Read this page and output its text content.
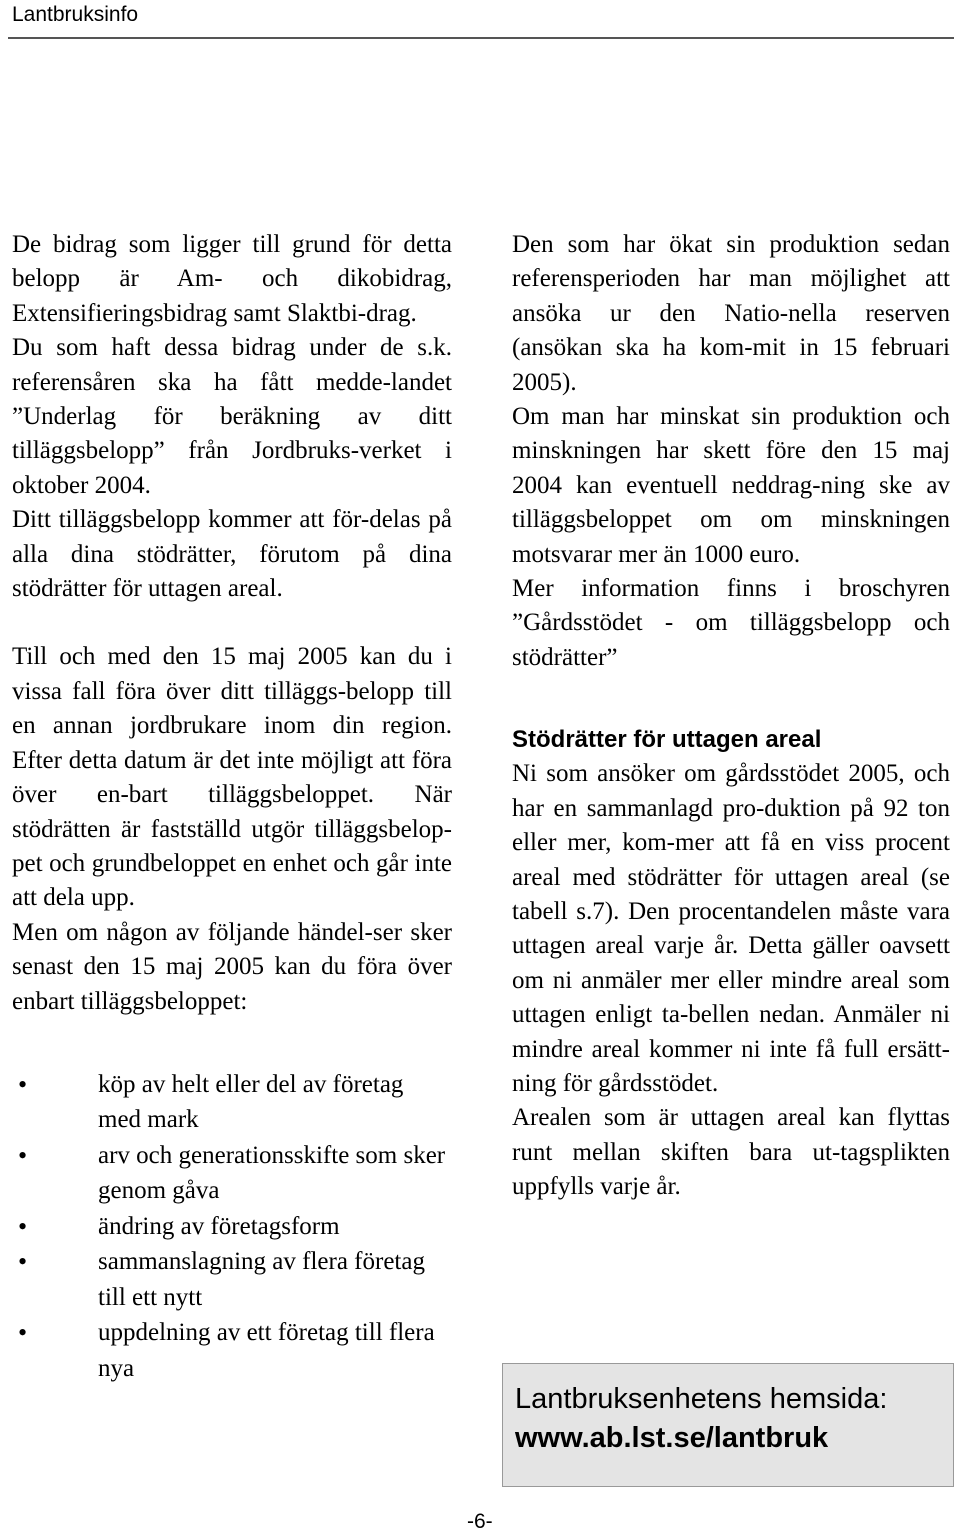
Lantbruksinfo

De bidrag som ligger till grund för detta belopp är Am- och dikobidrag, Extensifieringsbidrag samt Slaktbi-drag.

Du som haft dessa bidrag under de s.k. referensåren ska ha fått medde-landet ”Underlag för beräkning av ditt tilläggsbelopp” från Jordbruks-verket i oktober 2004.

Ditt tilläggsbelopp kommer att för-delas på alla dina stödrätter, förutom på dina stödrätter för uttagen areal.

Till och med den 15 maj 2005 kan du i vissa fall föra över ditt tilläggs-belopp till en annan jordbrukare inom din region. Efter detta datum är det inte möjligt att föra över en-bart tilläggsbeloppet. När stödrätten är fastställd utgör tilläggsbelop-pet och grundbeloppet en enhet och går inte att dela upp.

Men om någon av följande händel-ser sker senast den 15 maj 2005 kan du föra över enbart tilläggsbeloppet:

• köp av helt eller del av företag med mark
• arv och generationsskifte som sker genom gåva
• ändring av företagsform
• sammanslagning av flera företag till ett nytt
• uppdelning av ett företag till flera nya

Den som har ökat sin produktion sedan referensperioden har man möjlighet att ansöka ur den Natio-nella reserven (ansökan ska ha kom-mit in 15 februari 2005).

Om man har minskat sin produktion och minskningen har skett före den 15 maj 2004 kan eventuell neddrag-ning ske av tilläggsbeloppet om om minskningen motsvarar mer än 1000 euro.

Mer information finns i broschyren ”Gårdsstödet - om tilläggsbelopp och stödrätter”

Stödrätter för uttagen areal

Ni som ansöker om gårdsstödet 2005, och har en sammanlagd pro-duktion på 92 ton eller mer, kom-mer att få en viss procent areal med stödrätter för uttagen areal (se tabell s.7). Den procentandelen måste vara uttagen areal varje år. Detta gäller oavsett om ni anmäler mer eller mindre areal som uttagen enligt ta-bellen nedan. Anmäler ni mindre areal kommer ni inte få full ersätt-ning för gårdsstödet.

Arealen som är uttagen areal kan flyttas runt mellan skiften bara ut-tagsplikten uppfylls varje år.

Lantbruksenhetens hemsida:
www.ab.lst.se/lantbruk
-6-
